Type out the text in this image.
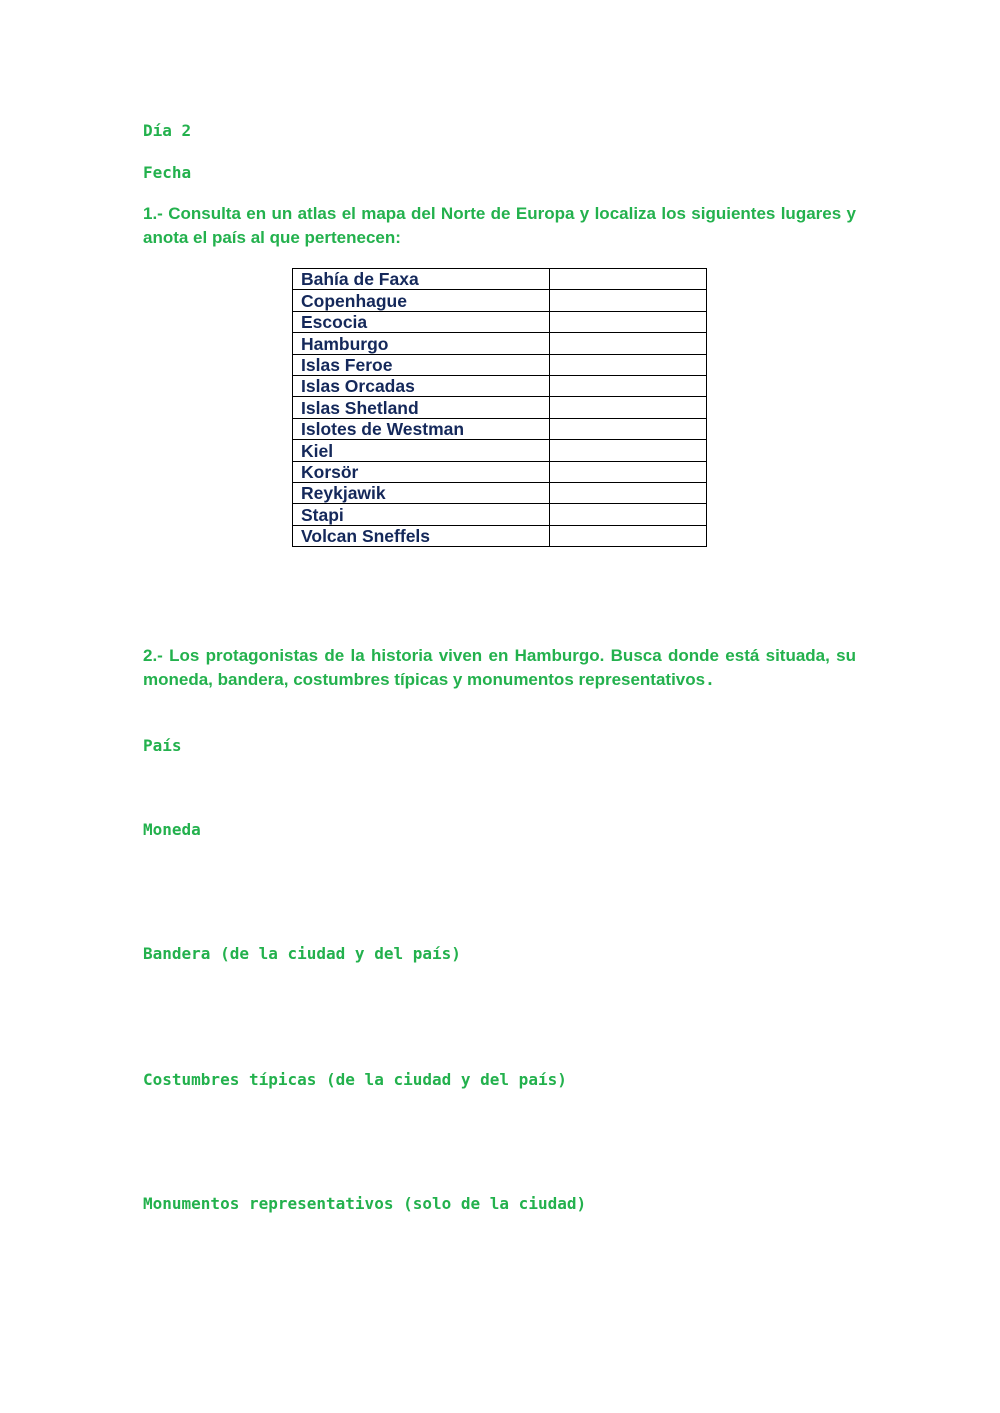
Día 2
Fecha
1.- Consulta en un atlas el mapa del Norte de Europa y localiza los siguientes lugares y anota el país al que pertenecen:
Bahía de Faxa	
Copenhague	
Escocia	
Hamburgo	
Islas Feroe	
Islas Orcadas	
Islas Shetland	
Islotes de Westman	
Kiel	
Korsör	
Reykjawik	
Stapi	
Volcan Sneffels	
2.- Los protagonistas de la historia viven en Hamburgo. Busca donde está situada, su moneda, bandera, costumbres típicas y monumentos representativos.
País
Moneda
Bandera (de la ciudad y del país)
Costumbres típicas (de la ciudad y del país)
Monumentos representativos (solo de la ciudad)
